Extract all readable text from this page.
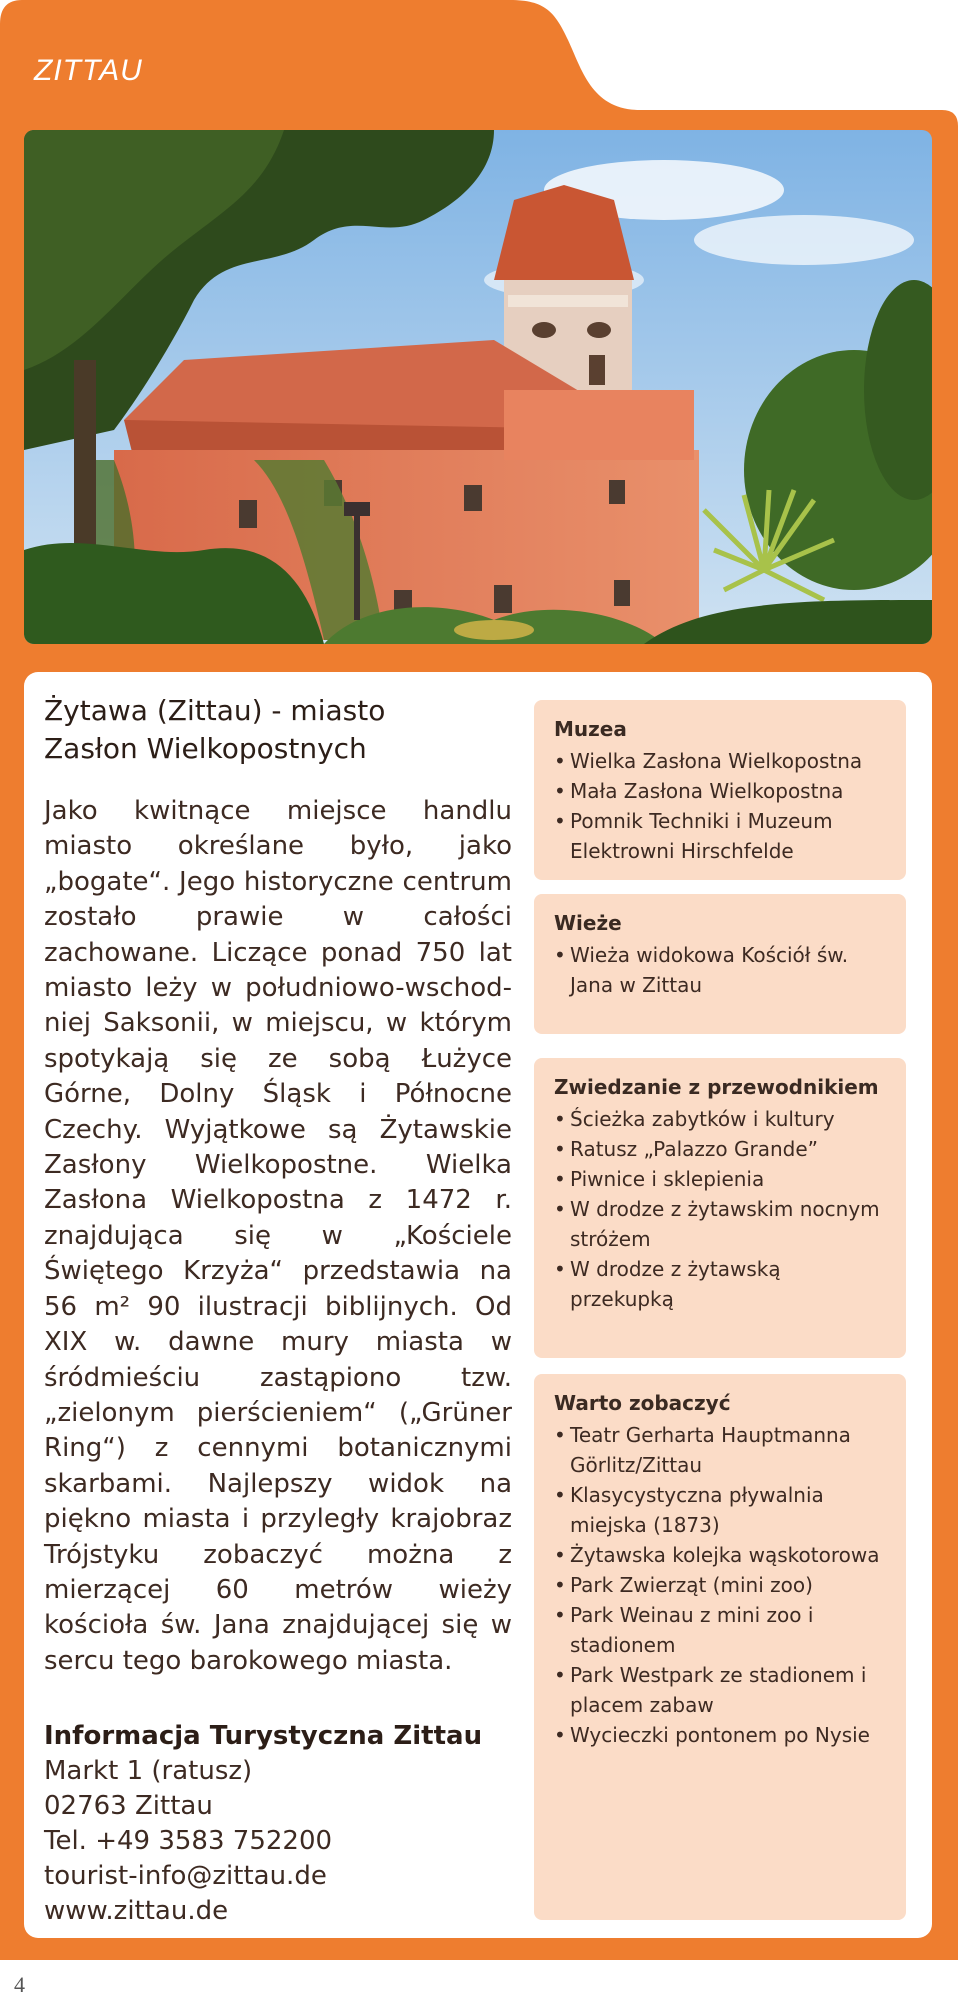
ZITTAU
Żytawa (Zittau) - miasto
Zasłon Wielkopostnych

Jako kwitnące miejsce handlu miasto określane było, jako „bogate“. Jego historyczne centrum zostało prawie w całości zachowane. Liczące ponad 750 lat miasto leży w południowo-wschodniej Saksonii, w miejscu, w którym spotykają się ze sobą Łużyce Górne, Dolny Śląsk i Północne Czechy. Wyjątkowe są Żytawskie Zasłony Wielkopostne. Wielka Zasłona Wielkopostna z 1472 r. znajdująca się w „Kościele Świętego Krzyża“ przedstawia na 56 m² 90 ilustracji biblijnych. Od XIX w. dawne mury miasta w śródmieściu zastąpiono tzw. „zielonym pierścieniem“ („Grüner Ring“) z cennymi botanicznymi skarbami. Najlepszy widok na piękno miasta i przyległy krajobraz Trójstyku zobaczyć można z mierzącej 60 metrów wieży kościoła św. Jana znajdującej się w sercu tego barokowego miasta.

Informacja Turystyczna Zittau
Markt 1 (ratusz)
02763 Zittau
Tel. +49 3583 752200
tourist-info@zittau.de
www.zittau.de
Muzea
• Wielka Zasłona Wielkopostna
• Mała Zasłona Wielkopostna
• Pomnik Techniki i Muzeum Elektrowni Hirschfelde
Wieże
• Wieża widokowa Kościół św. Jana w Zittau
Zwiedzanie z przewodnikiem
• Ścieżka zabytków i kultury
• Ratusz „Palazzo Grande”
• Piwnice i sklepienia
• W drodze z żytawskim nocnym stróżem
• W drodze z żytawską przekupką
Warto zobaczyć
• Teatr Gerharta Hauptmanna Görlitz/Zittau
• Klasycystyczna pływalnia miejska (1873)
• Żytawska kolejka wąskotorowa
• Park Zwierząt (mini zoo)
• Park Weinau z mini zoo i stadionem
• Park Westpark ze stadionem i placem zabaw
• Wycieczki pontonem po Nysie
4
